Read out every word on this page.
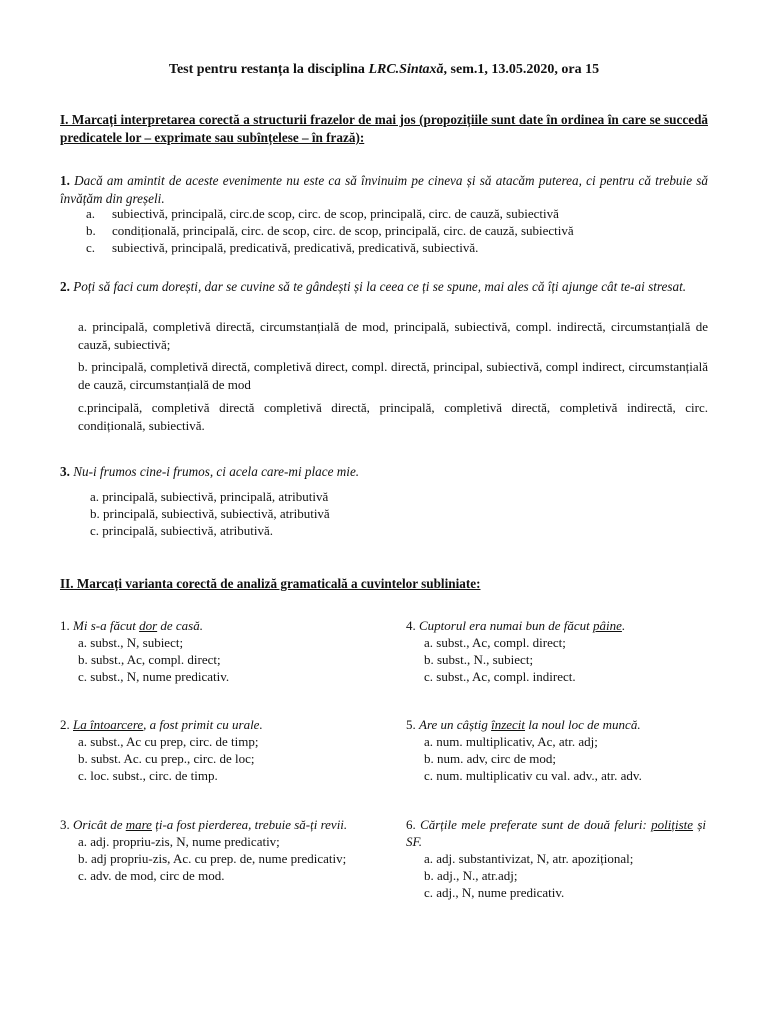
Test pentru restanța la disciplina LRC.Sintaxă, sem.1, 13.05.2020, ora 15
I. Marcați interpretarea corectă a structurii frazelor de mai jos (propozițiile sunt date în ordinea în care se succedă predicatele lor – exprimate sau subînțelese – în frază):
1. Dacă am amintit de aceste evenimente nu este ca să învinuim pe cineva și să atacăm puterea, ci pentru că trebuie să învățăm din greșeli.
a. subiectivă, principală, circ.de scop, circ. de scop, principală, circ. de cauză, subiectivă
b. condițională, principală, circ. de scop, circ. de scop, principală, circ. de cauză, subiectivă
c. subiectivă, principală, predicativă, predicativă, predicativă, subiectivă.
2. Poți să faci cum dorești, dar se cuvine să te gândești și la ceea ce ți se spune, mai ales că îți ajunge cât te-ai stresat.
a. principală, completivă directă, circumstanțială de mod, principală, subiectivă, compl. indirectă, circumstanțială de cauză, subiectivă;
b. principală, completivă directă, completivă direct, compl. directă, principal, subiectivă, compl indirect, circumstanțială de cauză, circumstanțială de mod
c.principală, completivă directă completivă directă, principală, completivă directă, completivă indirectă, circ. condițională, subiectivă.
3. Nu-i frumos cine-i frumos, ci acela care-mi place mie.
a. principală, subiectivă, principală, atributivă
b. principală, subiectivă, subiectivă, atributivă
c. principală, subiectivă, atributivă.
II. Marcați varianta corectă de analiză gramaticală a cuvintelor subliniate:
1. Mi s-a făcut dor de casă.
a. subst., N, subiect;
b. subst., Ac, compl. direct;
c. subst., N, nume predicativ.
2. La întoarcere, a fost primit cu urale.
a. subst., Ac cu prep, circ. de timp;
b. subst. Ac. cu prep., circ. de loc;
c. loc. subst., circ. de timp.
3. Oricât de mare ți-a fost pierderea, trebuie să-ți revii.
a. adj. propriu-zis, N, nume predicativ;
b. adj propriu-zis, Ac. cu prep. de, nume predicativ;
c. adv. de mod, circ de mod.
4. Cuptorul era numai bun de făcut pâine.
a. subst., Ac, compl. direct;
b. subst., N., subiect;
c. subst., Ac, compl. indirect.
5. Are un câștig înzecit la noul loc de muncă.
a. num. multiplicativ, Ac, atr. adj;
b. num. adv, circ de mod;
c. num. multiplicativ cu val. adv., atr. adv.
6. Cărțile mele preferate sunt de două feluri: polițiste și SF.
a. adj. substantivizat, N, atr. apozițional;
b. adj., N., atr.adj;
c. adj., N, nume predicativ.
